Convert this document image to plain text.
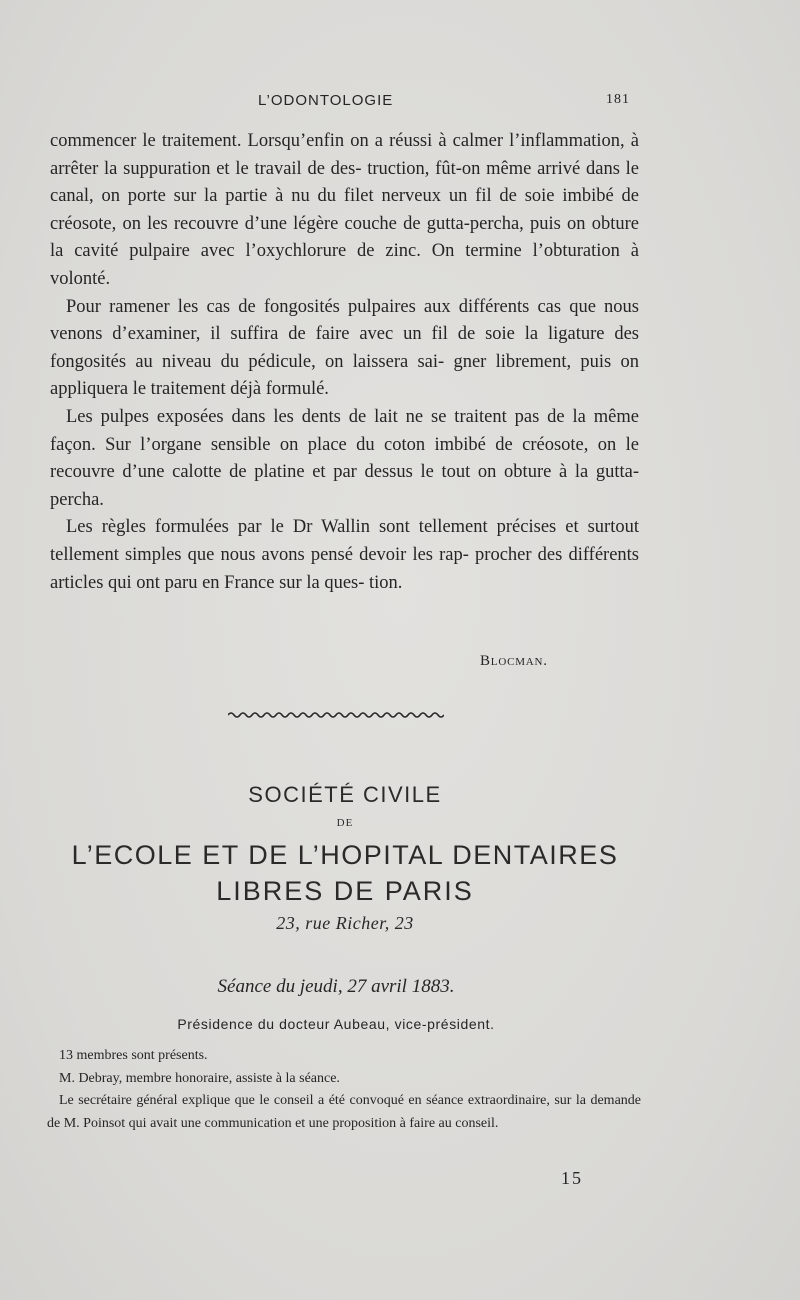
L’ODONTOLOGIE	181

commencer le traitement. Lorsqu’enfin on a réussi à calmer l’inflammation, à arrêter la suppuration et le travail de des- truction, fût-on même arrivé dans le canal, on porte sur la partie à nu du filet nerveux un fil de soie imbibé de créosote, on les recouvre d’une légère couche de gutta-percha, puis on obture la cavité pulpaire avec l’oxychlorure de zinc. On termine l’obturation à volonté.

Pour ramener les cas de fongosités pulpaires aux différents cas que nous venons d’examiner, il suffira de faire avec un fil de soie la ligature des fongosités au niveau du pédicule, on laissera sai- gner librement, puis on appliquera le traitement déjà formulé.

Les pulpes exposées dans les dents de lait ne se traitent pas de la même façon. Sur l’organe sensible on place du coton imbibé de créosote, on le recouvre d’une calotte de platine et par dessus le tout on obture à la gutta-percha.

Les règles formulées par le Dr Wallin sont tellement précises et surtout tellement simples que nous avons pensé devoir les rap- procher des différents articles qui ont paru en France sur la ques- tion.

Blocman.
SOCIÉTÉ CIVILE
DE
L’ECOLE ET DE L’HOPITAL DENTAIRES
LIBRES DE PARIS
23, rue Richer, 23
Séance du jeudi, 27 avril 1883.
Présidence du docteur Aubeau, vice-président.

13 membres sont présents.

M. Debray, membre honoraire, assiste à la séance.

Le secrétaire général explique que le conseil a été convoqué en séance extraordinaire, sur la demande de M. Poinsot qui avait une communication et une proposition à faire au conseil.

15
